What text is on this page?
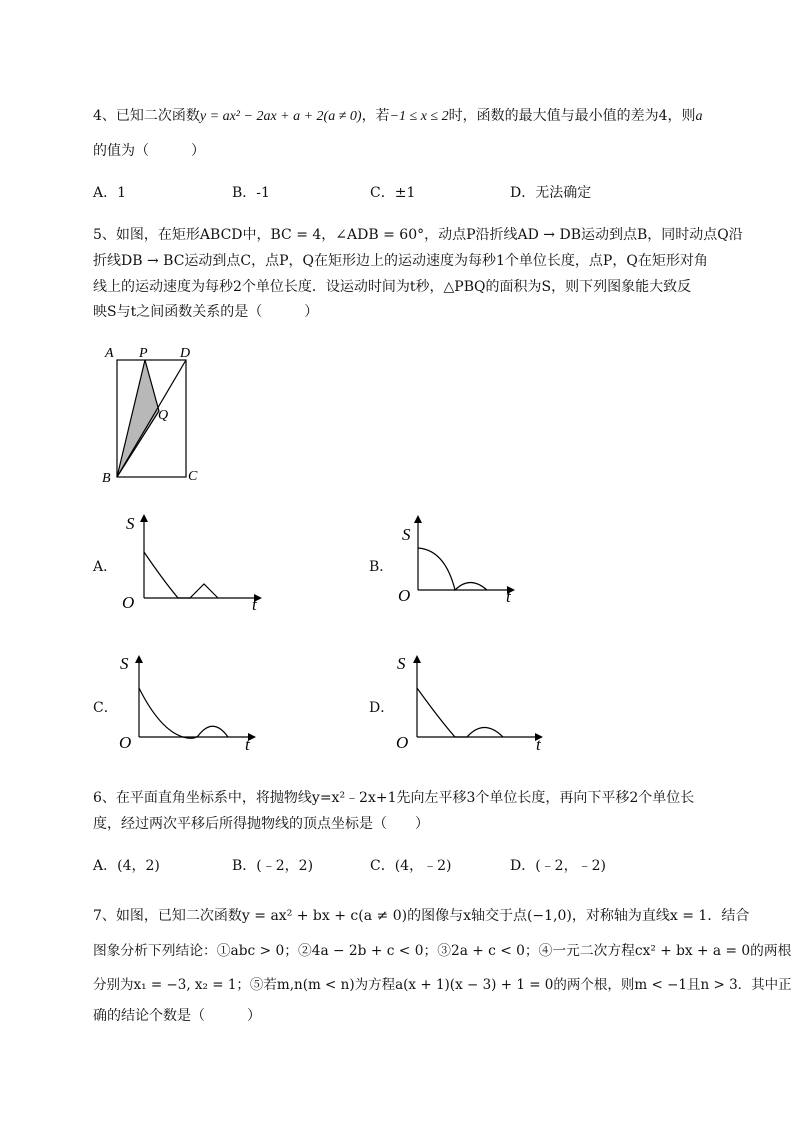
4、已知二次函数y = ax² − 2ax + a + 2(a ≠ 0)，若−1 ≤ x ≤ 2时，函数的最大值与最小值的差为4，则a
的值为（　　　）
A．1	B．-1	C．±1	D．无法确定
5、如图，在矩形ABCD中，BC = 4，∠ADB = 60°，动点P沿折线AD → DB运动到点B，同时动点Q沿
折线DB → BC运动到点C，点P，Q在矩形边上的运动速度为每秒1个单位长度，点P，Q在矩形对角
线上的运动速度为每秒2个单位长度．设运动时间为t秒，△PBQ的面积为S，则下列图象能大致反
映S与t之间函数关系的是（　　　）
A P D
Q
B	C
A．
S
O	t
B．
S
O	t
C．
S
O	t
D．
S
O	t
6、在平面直角坐标系中，将抛物线y=x²﹣2x+1先向左平移3个单位长度，再向下平移2个单位长
度，经过两次平移后所得抛物线的顶点坐标是（　　）
A．(4，2)	B．(﹣2，2)	C．(4，﹣2)	D．(﹣2，﹣2)
7、如图，已知二次函数y = ax² + bx + c(a ≠ 0)的图像与x轴交于点(−1,0)，对称轴为直线x = 1．结合
图象分析下列结论：①abc > 0；②4a − 2b + c < 0；③2a + c < 0；④一元二次方程cx² + bx + a = 0的两根
分别为x₁ = −3, x₂ = 1；⑤若m,n(m < n)为方程a(x + 1)(x − 3) + 1 = 0的两个根，则m < −1且n > 3．其中正
确的结论个数是（　　　）
